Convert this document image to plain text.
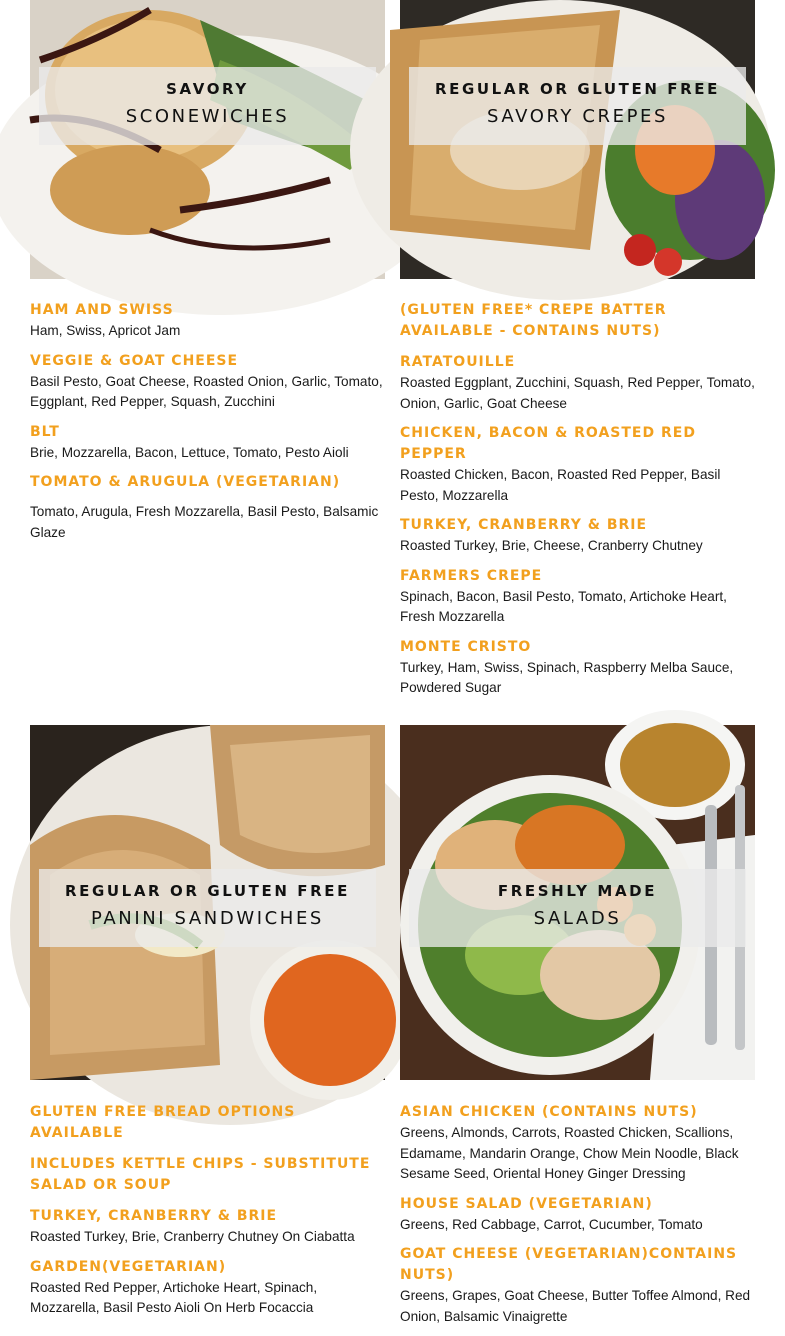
SAVORY
SCONEWICHES
REGULAR OR GLUTEN FREE
SAVORY CREPES
HAM AND SWISS
Ham, Swiss, Apricot Jam
VEGGIE & GOAT CHEESE
Basil Pesto, Goat Cheese, Roasted Onion, Garlic, Tomato, Eggplant, Red Pepper, Squash, Zucchini
BLT
Brie, Mozzarella, Bacon, Lettuce, Tomato, Pesto Aioli
TOMATO & ARUGULA (VEGETARIAN)
Tomato, Arugula, Fresh Mozzarella, Basil Pesto, Balsamic Glaze
(GLUTEN FREE* CREPE BATTER AVAILABLE - CONTAINS NUTS)
RATATOUILLE
Roasted Eggplant, Zucchini, Squash, Red Pepper, Tomato, Onion, Garlic, Goat Cheese
CHICKEN, BACON & ROASTED RED PEPPER
Roasted Chicken, Bacon, Roasted Red Pepper, Basil Pesto, Mozzarella
TURKEY, CRANBERRY & BRIE
Roasted Turkey, Brie, Cheese, Cranberry Chutney
FARMERS CREPE
Spinach, Bacon, Basil Pesto, Tomato, Artichoke Heart, Fresh Mozzarella
MONTE CRISTO
Turkey, Ham, Swiss, Spinach, Raspberry Melba Sauce, Powdered Sugar
REGULAR OR GLUTEN FREE
PANINI SANDWICHES
FRESHLY MADE
SALADS
GLUTEN FREE BREAD OPTIONS AVAILABLE
INCLUDES KETTLE CHIPS - SUBSTITUTE SALAD OR SOUP
TURKEY, CRANBERRY & BRIE
Roasted Turkey, Brie, Cranberry Chutney On Ciabatta
GARDEN(VEGETARIAN)
Roasted Red Pepper, Artichoke Heart, Spinach, Mozzarella, Basil Pesto Aioli On Herb Focaccia
ASIAN CHICKEN (CONTAINS NUTS)
Greens, Almonds, Carrots, Roasted Chicken, Scallions, Edamame, Mandarin Orange, Chow Mein Noodle, Black Sesame Seed, Oriental Honey Ginger Dressing
HOUSE SALAD (VEGETARIAN)
Greens, Red Cabbage, Carrot, Cucumber, Tomato
GOAT CHEESE (VEGETARIAN)CONTAINS NUTS)
Greens, Grapes, Goat Cheese, Butter Toffee Almond, Red Onion, Balsamic Vinaigrette
